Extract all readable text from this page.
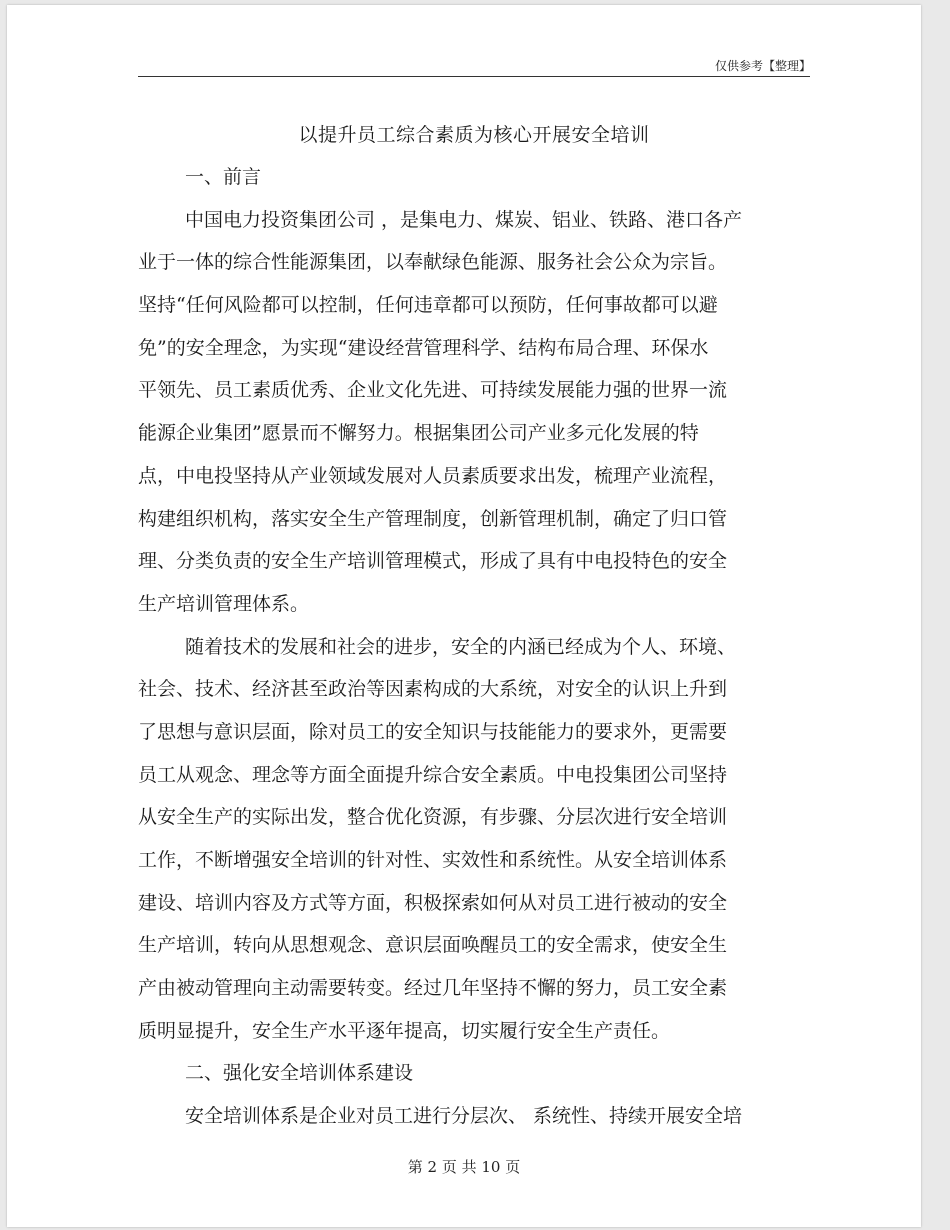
仅供参考【整理】
以提升员工综合素质为核心开展安全培训
一、前言
中国电力投资集团公司 ，是集电力、煤炭、铝业、铁路、港口各产
业于一体的综合性能源集团，以奉献绿色能源、服务社会公众为宗旨。
坚持“任何风险都可以控制，任何违章都可以预防，任何事故都可以避
免”的安全理念，为实现“建设经营管理科学、结构布局合理、环保水
平领先、员工素质优秀、企业文化先进、可持续发展能力强的世界一流
能源企业集团”愿景而不懈努力。根据集团公司产业多元化发展的特
点，中电投坚持从产业领域发展对人员素质要求出发，梳理产业流程，
构建组织机构，落实安全生产管理制度，创新管理机制，确定了归口管
理、分类负责的安全生产培训管理模式，形成了具有中电投特色的安全
生产培训管理体系。
随着技术的发展和社会的进步，安全的内涵已经成为个人、环境、
社会、技术、经济甚至政治等因素构成的大系统，对安全的认识上升到
了思想与意识层面，除对员工的安全知识与技能能力的要求外，更需要
员工从观念、理念等方面全面提升综合安全素质。中电投集团公司坚持
从安全生产的实际出发，整合优化资源，有步骤、分层次进行安全培训
工作，不断增强安全培训的针对性、实效性和系统性。从安全培训体系
建设、培训内容及方式等方面，积极探索如何从对员工进行被动的安全
生产培训，转向从思想观念、意识层面唤醒员工的安全需求，使安全生
产由被动管理向主动需要转变。经过几年坚持不懈的努力，员工安全素
质明显提升，安全生产水平逐年提高，切实履行安全生产责任。
二、强化安全培训体系建设
安全培训体系是企业对员工进行分层次、 系统性、持续开展安全培
第 2 页 共 10 页
